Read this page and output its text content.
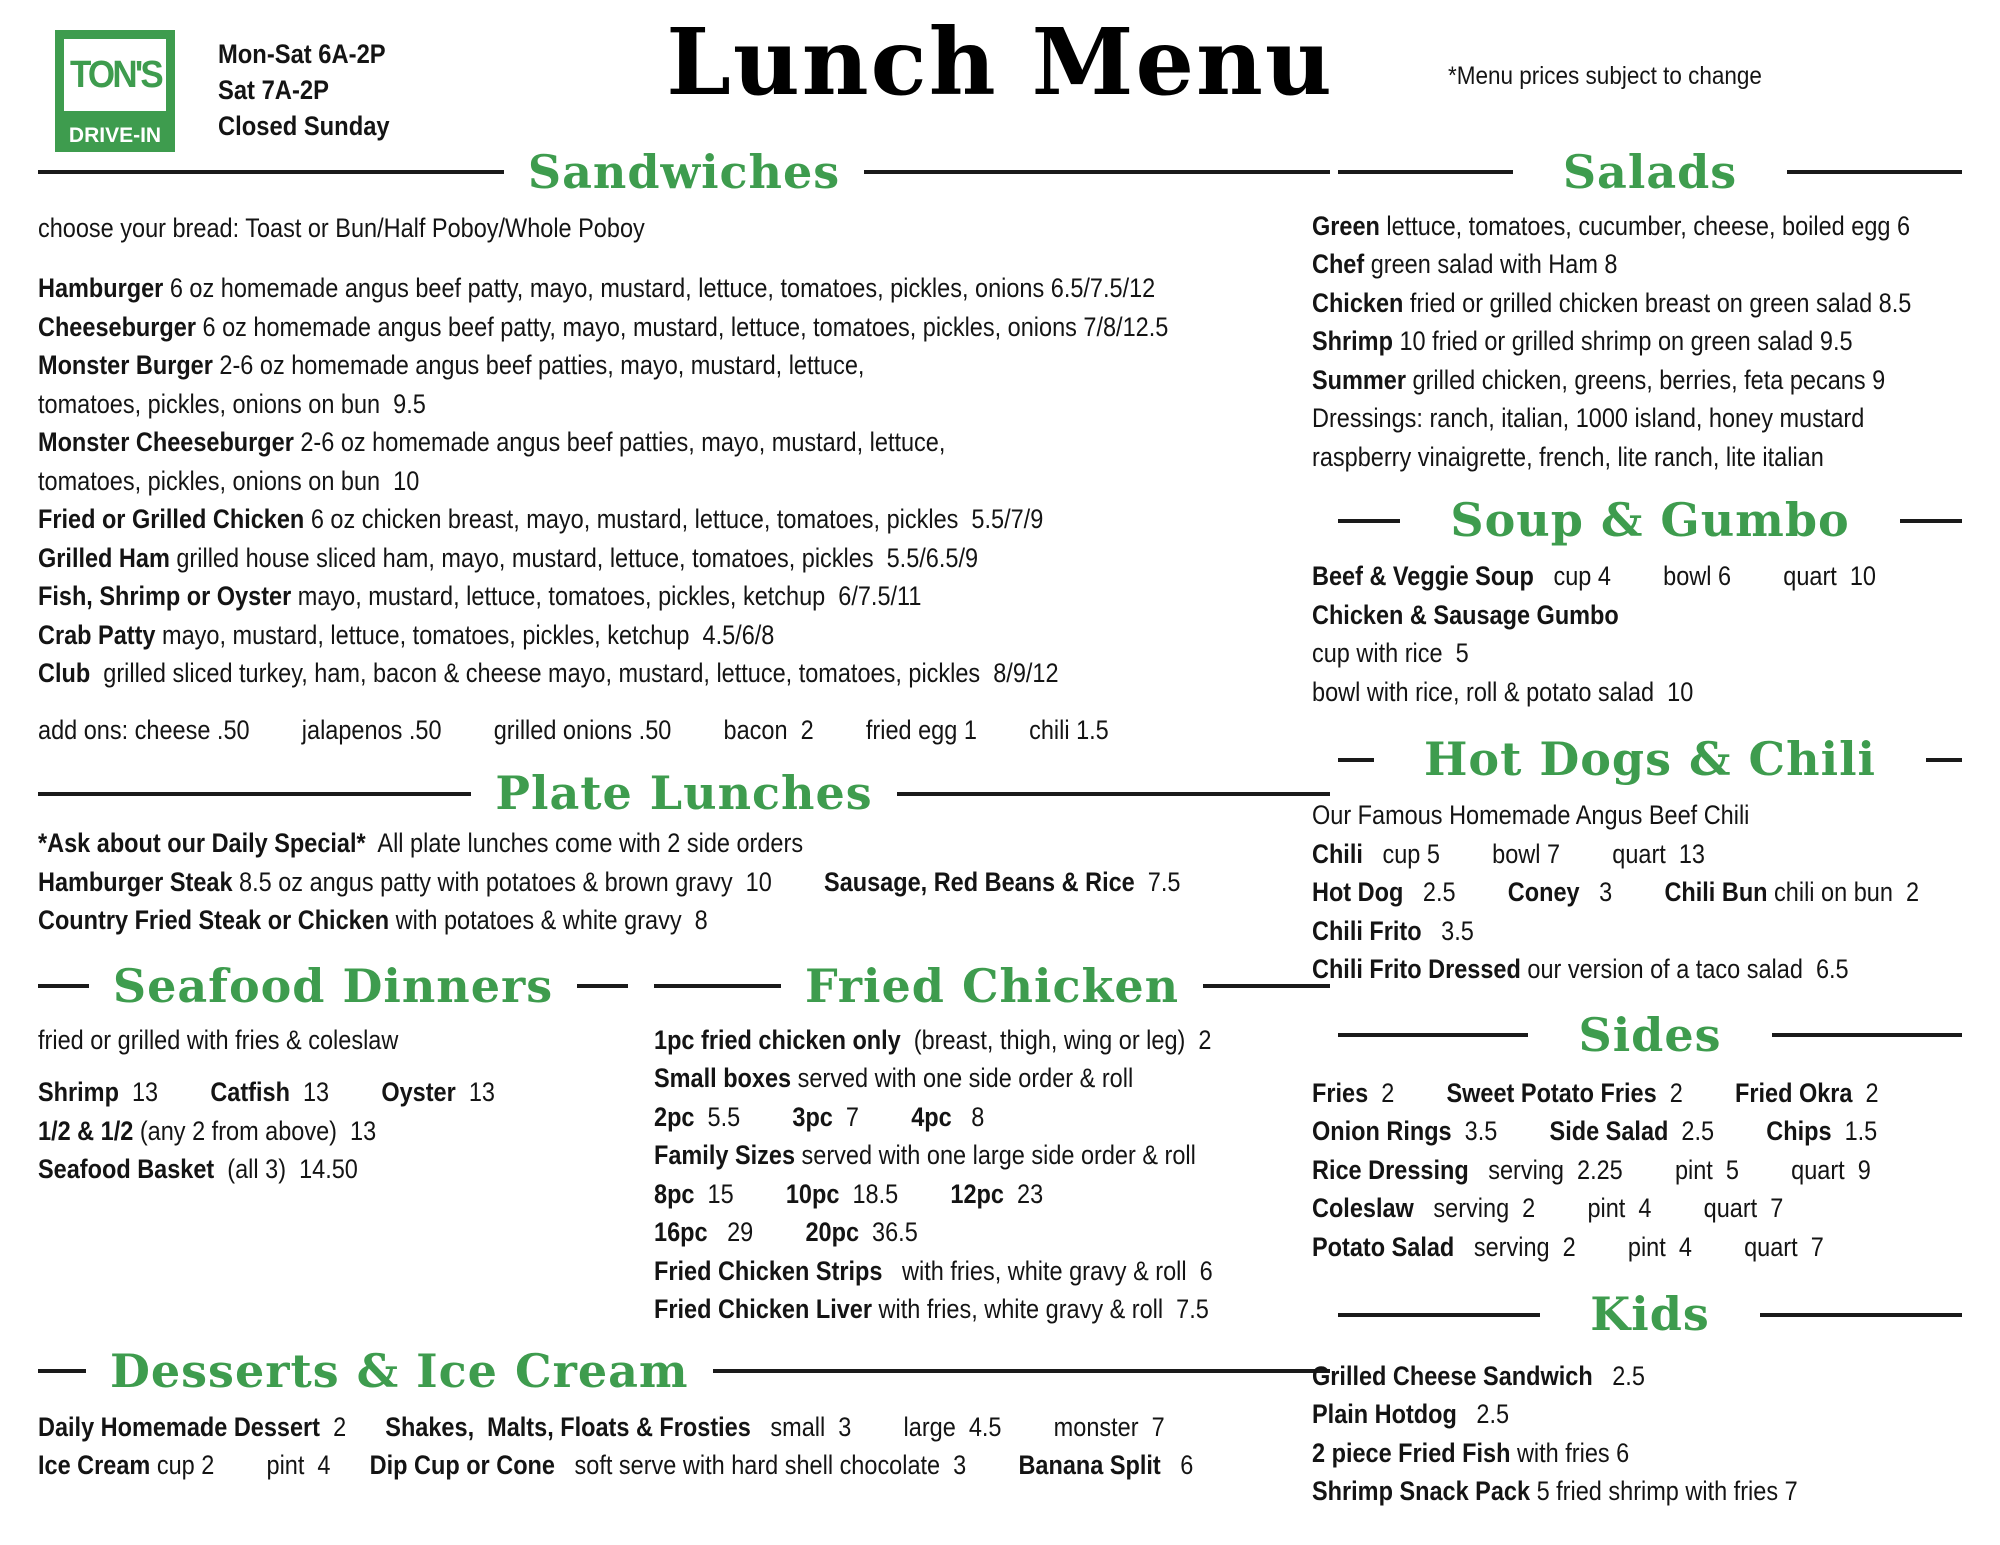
TON'S
DRIVE-IN
Mon-Sat 6A-2P
Sat 7A-2P
Closed Sunday
Lunch Menu	*Menu prices subject to change
Sandwiches
choose your bread: Toast or Bun/Half Poboy/Whole Poboy
Hamburger 6 oz homemade angus beef patty, mayo, mustard, lettuce, tomatoes, pickles, onions 6.5/7.5/12
Cheeseburger 6 oz homemade angus beef patty, mayo, mustard, lettuce, tomatoes, pickles, onions 7/8/12.5
Monster Burger 2-6 oz homemade angus beef patties, mayo, mustard, lettuce,
tomatoes, pickles, onions on bun  9.5
Monster Cheeseburger 2-6 oz homemade angus beef patties, mayo, mustard, lettuce,
tomatoes, pickles, onions on bun  10
Fried or Grilled Chicken 6 oz chicken breast, mayo, mustard, lettuce, tomatoes, pickles  5.5/7/9
Grilled Ham grilled house sliced ham, mayo, mustard, lettuce, tomatoes, pickles  5.5/6.5/9
Fish, Shrimp or Oyster mayo, mustard, lettuce, tomatoes, pickles, ketchup  6/7.5/11
Crab Patty mayo, mustard, lettuce, tomatoes, pickles, ketchup  4.5/6/8
Club  grilled sliced turkey, ham, bacon & cheese mayo, mustard, lettuce, tomatoes, pickles  8/9/12
add ons: cheese .50        jalapenos .50        grilled onions .50        bacon  2        fried egg 1        chili 1.5
Plate Lunches
*Ask about our Daily Special*  All plate lunches come with 2 side orders
Hamburger Steak 8.5 oz angus patty with potatoes & brown gravy  10        Sausage, Red Beans & Rice  7.5
Country Fried Steak or Chicken with potatoes & white gravy  8
Seafood Dinners
fried or grilled with fries & coleslaw
Shrimp  13        Catfish  13        Oyster  13
1/2 & 1/2 (any 2 from above)  13
Seafood Basket  (all 3)  14.50
Fried Chicken
1pc fried chicken only  (breast, thigh, wing or leg)  2
Small boxes served with one side order & roll
2pc  5.5        3pc  7        4pc   8
Family Sizes served with one large side order & roll
8pc  15        10pc  18.5        12pc  23
16pc   29        20pc  36.5
Fried Chicken Strips   with fries, white gravy & roll  6
Fried Chicken Liver with fries, white gravy & roll  7.5
Desserts & Ice Cream
Daily Homemade Dessert  2      Shakes,  Malts, Floats & Frosties   small  3        large  4.5        monster  7
Ice Cream cup 2        pint  4      Dip Cup or Cone   soft serve with hard shell chocolate  3        Banana Split   6
Salads
Green lettuce, tomatoes, cucumber, cheese, boiled egg 6
Chef green salad with Ham 8
Chicken fried or grilled chicken breast on green salad 8.5
Shrimp 10 fried or grilled shrimp on green salad 9.5
Summer grilled chicken, greens, berries, feta pecans 9
Dressings: ranch, italian, 1000 island, honey mustard
raspberry vinaigrette, french, lite ranch, lite italian
Soup & Gumbo
Beef & Veggie Soup   cup 4        bowl 6        quart  10
Chicken & Sausage Gumbo
cup with rice  5
bowl with rice, roll & potato salad  10
Hot Dogs & Chili
Our Famous Homemade Angus Beef Chili
Chili   cup 5        bowl 7        quart  13
Hot Dog   2.5        Coney   3        Chili Bun chili on bun  2
Chili Frito   3.5
Chili Frito Dressed our version of a taco salad  6.5
Sides
Fries  2        Sweet Potato Fries  2        Fried Okra  2
Onion Rings  3.5        Side Salad  2.5        Chips  1.5
Rice Dressing   serving  2.25        pint  5        quart  9
Coleslaw   serving  2        pint  4        quart  7
Potato Salad   serving  2        pint  4        quart  7
Kids
Grilled Cheese Sandwich   2.5
Plain Hotdog   2.5
2 piece Fried Fish with fries 6
Shrimp Snack Pack 5 fried shrimp with fries 7
